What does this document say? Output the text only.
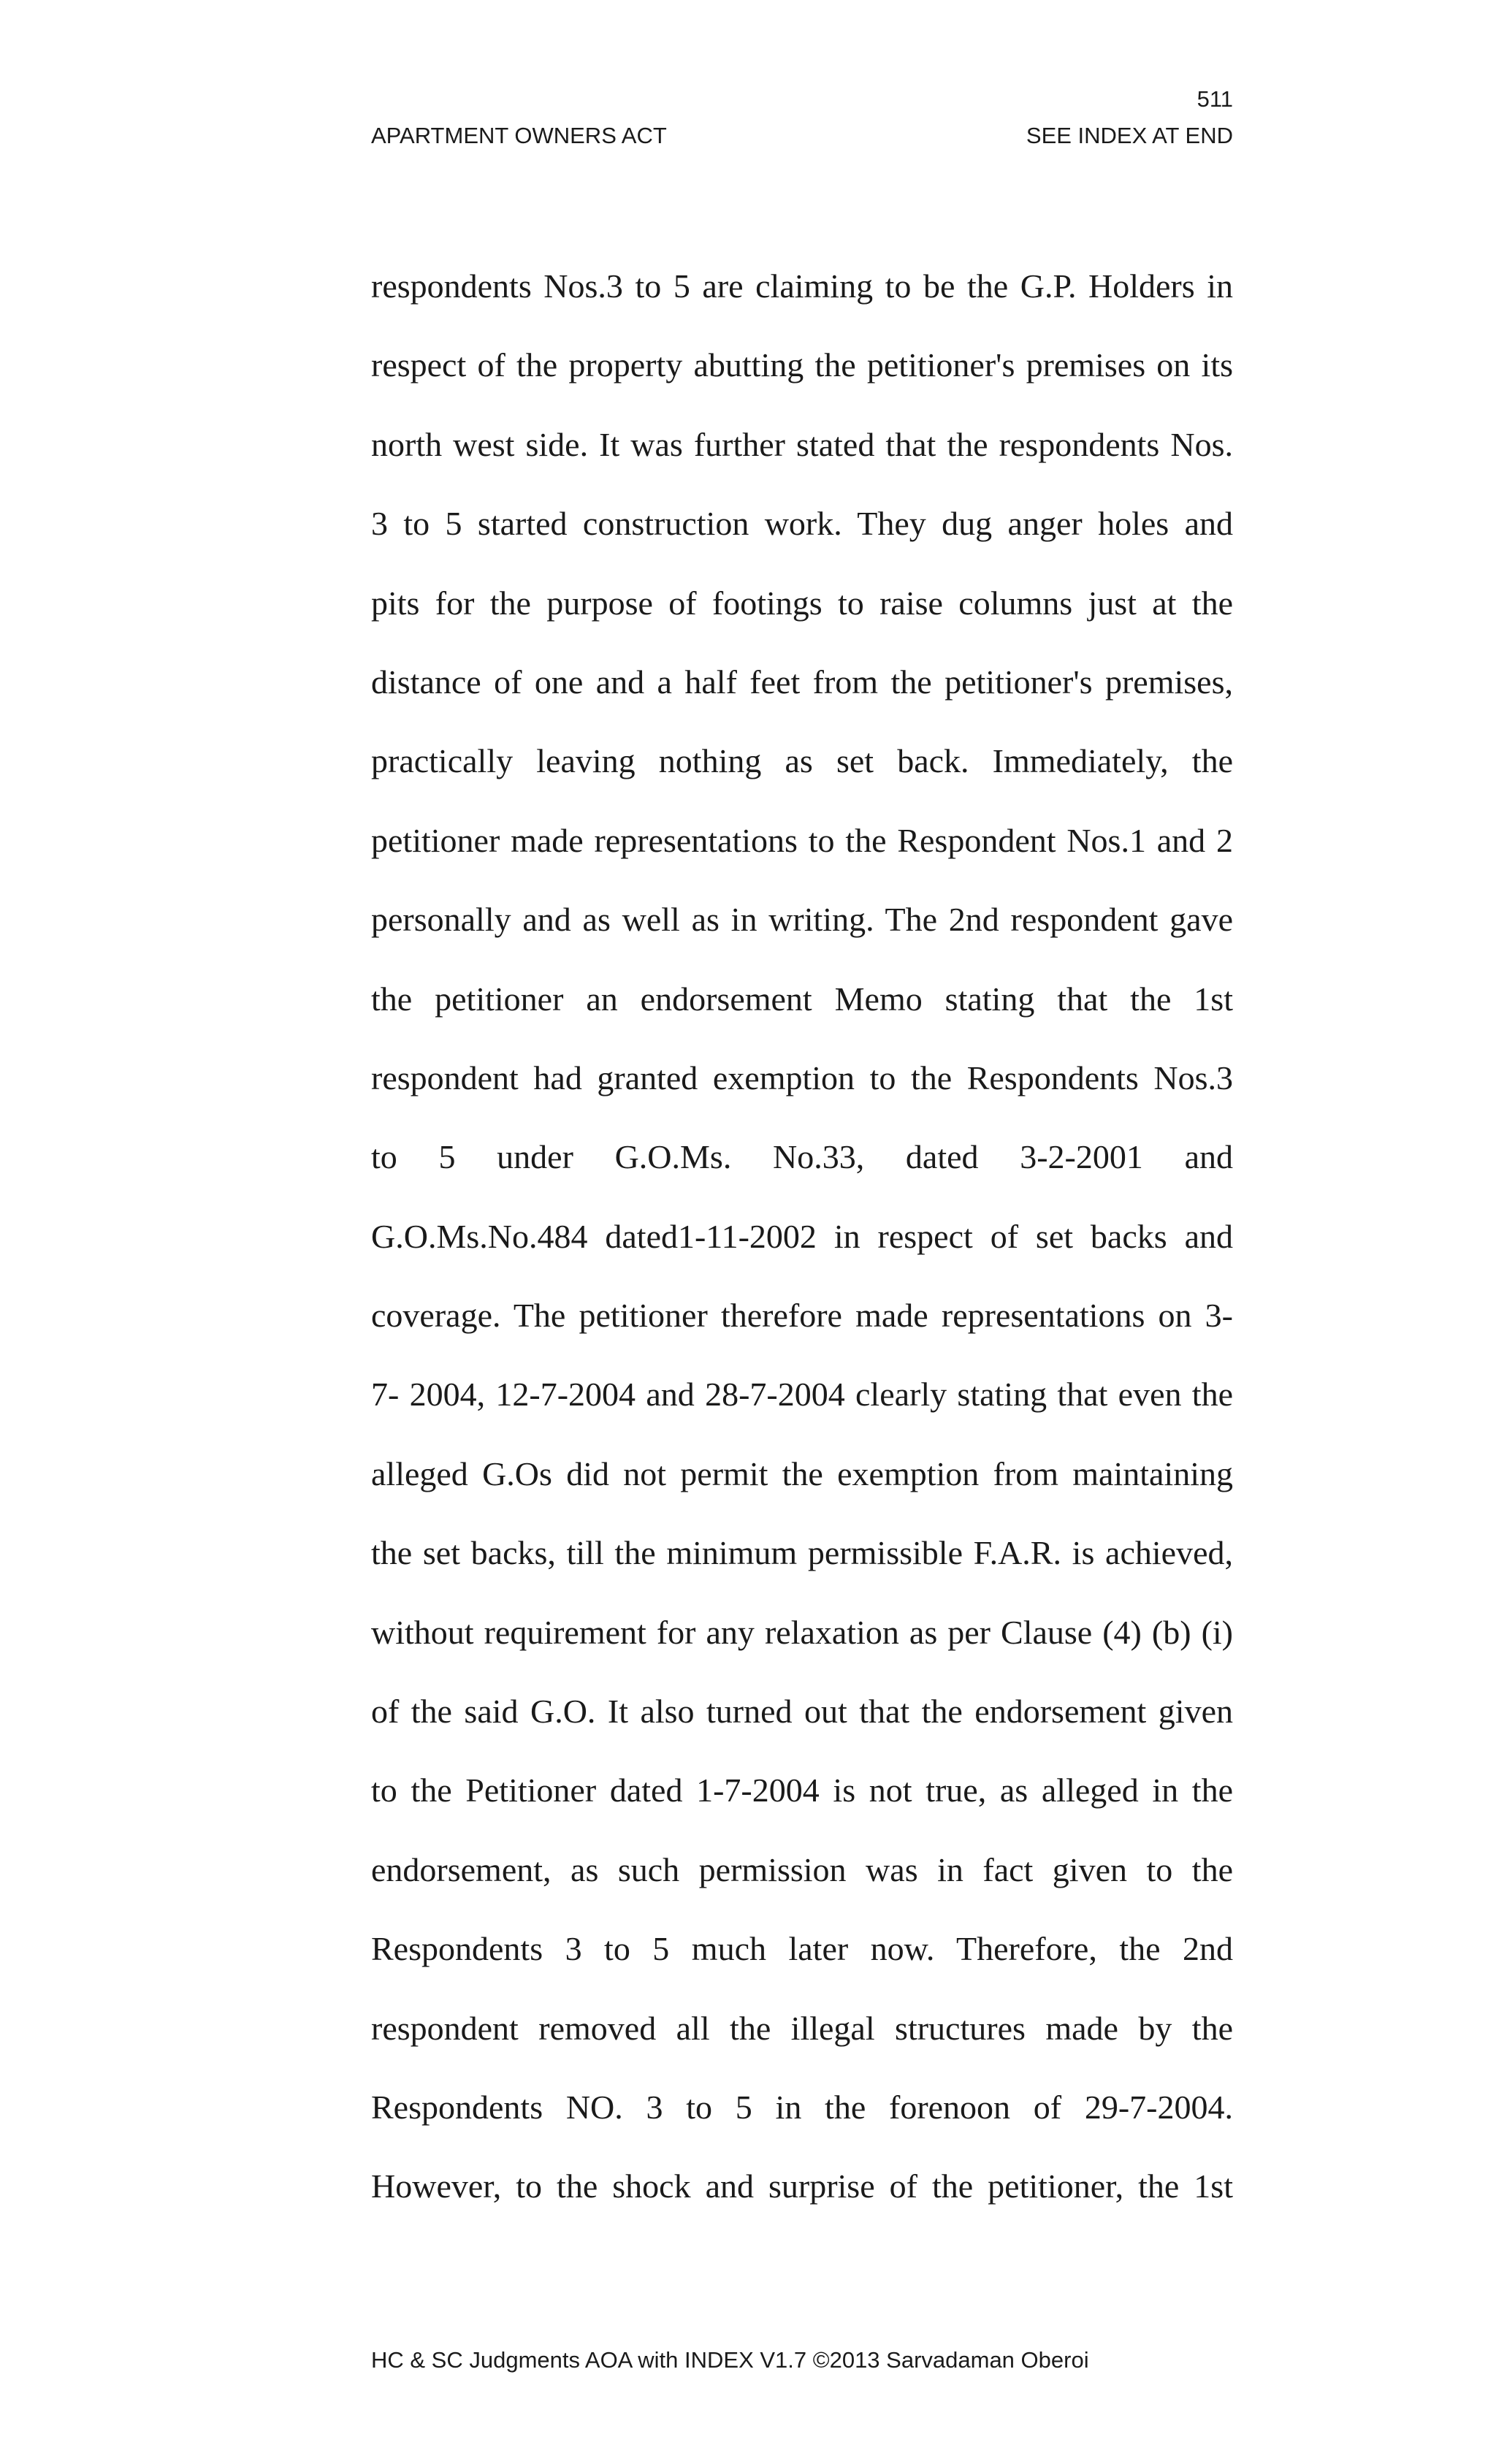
511
APARTMENT OWNERS ACT	SEE INDEX AT END
respondents Nos.3 to 5 are claiming to be the G.P. Holders in
respect of the property abutting the petitioner's premises on its
north west side. It was further stated that the respondents Nos.
3 to 5 started construction work. They dug anger holes and
pits for the purpose of footings to raise columns just at the
distance of one and a half feet from the petitioner's premises,
practically leaving nothing as set back. Immediately, the
petitioner made representations to the Respondent Nos.1 and 2
personally and as well as in writing. The 2nd respondent gave
the petitioner an endorsement Memo stating that the 1st
respondent had granted exemption to the Respondents Nos.3
to 5 under G.O.Ms. No.33, dated 3-2-2001 and
G.O.Ms.No.484 dated1-11-2002 in respect of set backs and
coverage. The petitioner therefore made representations on 3-
7- 2004, 12-7-2004 and 28-7-2004 clearly stating that even the
alleged G.Os did not permit the exemption from maintaining
the set backs, till the minimum permissible F.A.R. is achieved,
without requirement for any relaxation as per Clause (4) (b) (i)
of the said G.O. It also turned out that the endorsement given
to the Petitioner dated 1-7-2004 is not true, as alleged in the
endorsement, as such permission was in fact given to the
Respondents 3 to 5 much later now. Therefore, the 2nd
respondent removed all the illegal structures made by the
Respondents NO. 3 to 5 in the forenoon of 29-7-2004.
However, to the shock and surprise of the petitioner, the 1st
HC & SC Judgments AOA with INDEX V1.7 ©2013 Sarvadaman Oberoi
